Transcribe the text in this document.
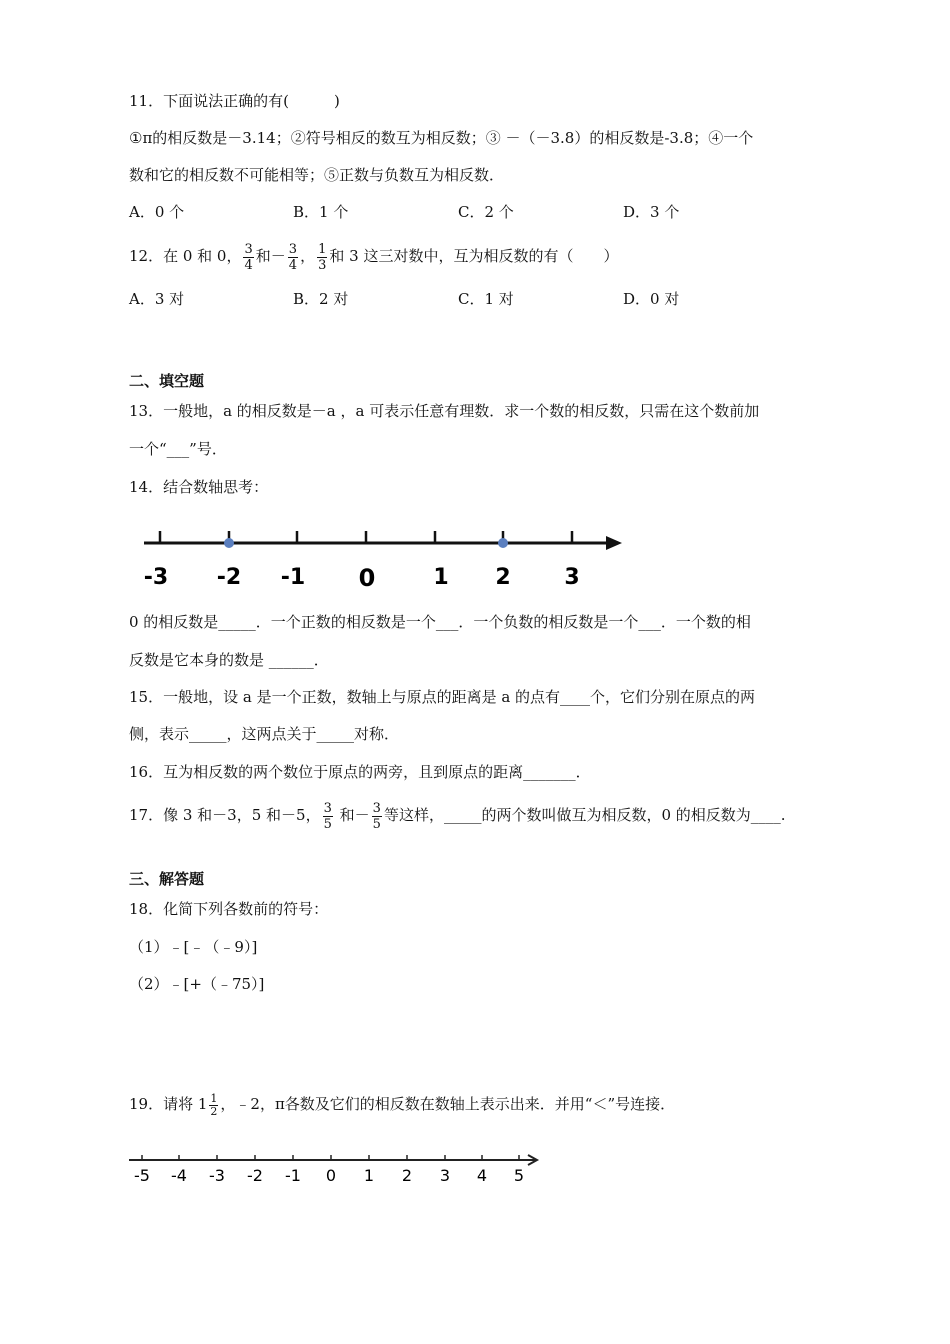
11．下面说法正确的有(　　　)
①π的相反数是－3.14；②符号相反的数互为相反数；③ －（－3.8）的相反数是-3.8；④一个
数和它的相反数不可能相等；⑤正数与负数互为相反数．
A．0 个	B．1 个	C．2 个	D．3 个
12．在 0 和 0， $\frac{3}{4}$ 和－ $\frac{3}{4}$ ， $\frac{1}{3}$ 和 3 这三对数中，互为相反数的有（　　）
A．3 对	B．2 对	C．1 对	D．0 对
二、填空题
13．一般地，a 的相反数是－a ，a 可表示任意有理数．求一个数的相反数，只需在这个数前加
一个“___”号．
14．结合数轴思考：
-3 -2 -1 0	1 2 3
0 的相反数是_____．一个正数的相反数是一个___．一个负数的相反数是一个___．一个数的相
反数是它本身的数是 ______．
15．一般地，设 a 是一个正数，数轴上与原点的距离是 a 的点有____个，它们分别在原点的两
侧，表示_____，这两点关于_____对称．
16．互为相反数的两个数位于原点的两旁，且到原点的距离_______．
17．像 3 和－3，5 和－5， $\frac{3}{5}$ 和－ $\frac{3}{5}$ 等这样，_____的两个数叫做互为相反数，0 的相反数为____.
三、解答题
18．化简下列各数前的符号：
（1）﹣[﹣（﹣9）]
（2）﹣[+（﹣75）]
19．请将 $1 \frac{1}{2}$ ，﹣2，π各数及它们的相反数在数轴上表示出来．并用“＜”号连接．
-5 -4 -3 -2 -1 0 1 2 3 4 5
